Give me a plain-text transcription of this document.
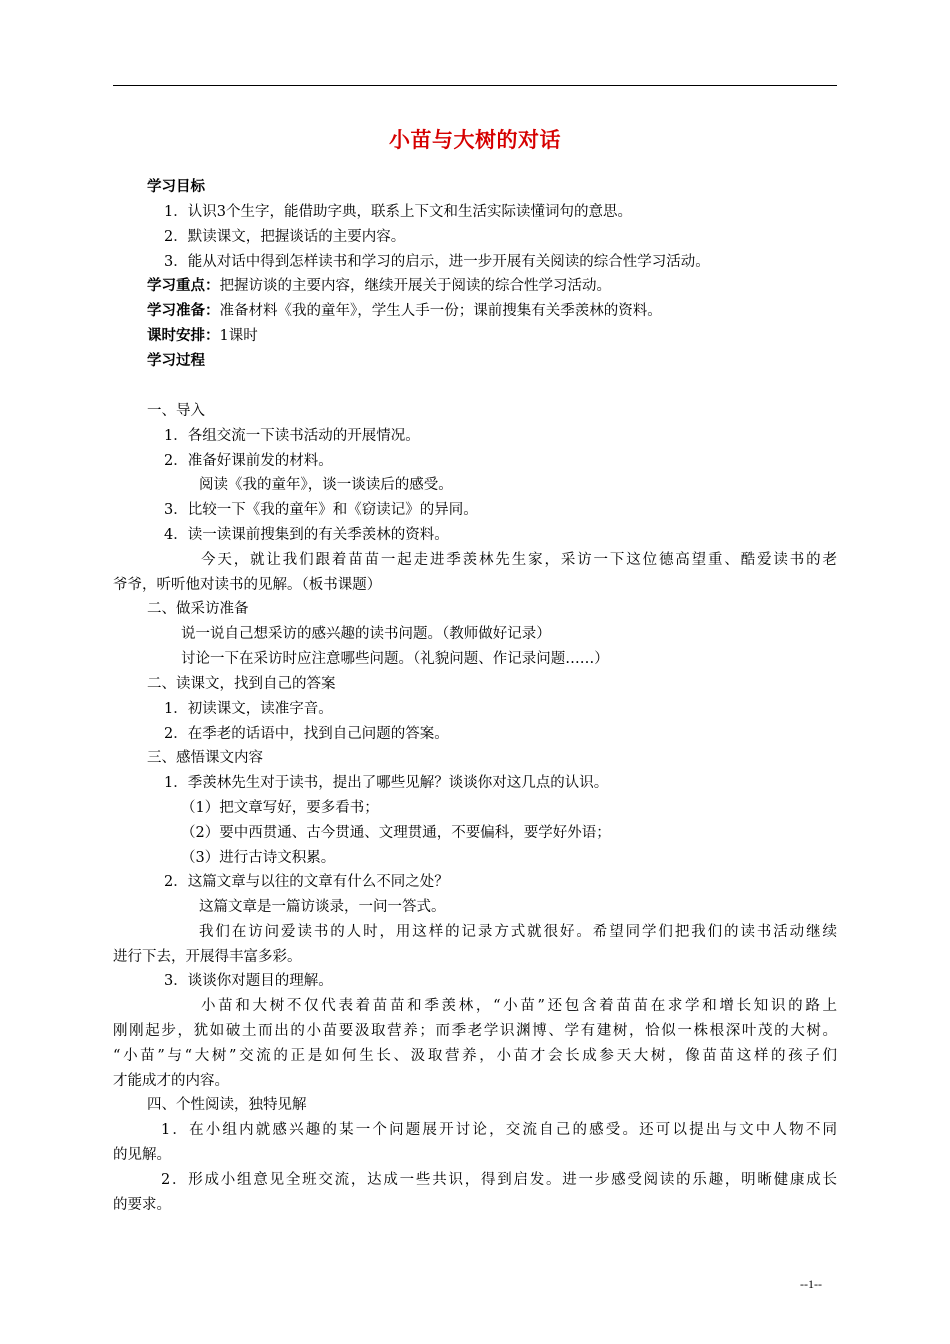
小苗与大树的对话
学习目标
1．认识3个生字，能借助字典，联系上下文和生活实际读懂词句的意思。
2．默读课文，把握谈话的主要内容。
3．能从对话中得到怎样读书和学习的启示，进一步开展有关阅读的综合性学习活动。
学习重点：把握访谈的主要内容，继续开展关于阅读的综合性学习活动。
学习准备：准备材料《我的童年》，学生人手一份；课前搜集有关季羡林的资料。
课时安排：1课时
学习过程
一、导入
1．各组交流一下读书活动的开展情况。
2．准备好课前发的材料。
阅读《我的童年》，谈一谈读后的感受。
3．比较一下《我的童年》和《窃读记》的异同。
4．读一读课前搜集到的有关季羡林的资料。
今天，就让我们跟着苗苗一起走进季羡林先生家，采访一下这位德高望重、酷爱读书的老
爷爷，听听他对读书的见解。（板书课题）
二、做采访准备
说一说自己想采访的感兴趣的读书问题。（教师做好记录）
讨论一下在采访时应注意哪些问题。（礼貌问题、作记录问题……）
二、读课文，找到自己的答案
1．初读课文，读准字音。
2．在季老的话语中，找到自己问题的答案。
三、感悟课文内容
1．季羡林先生对于读书，提出了哪些见解？谈谈你对这几点的认识。
（1）把文章写好，要多看书；
（2）要中西贯通、古今贯通、文理贯通，不要偏科，要学好外语；
（3）进行古诗文积累。
2．这篇文章与以往的文章有什么不同之处？
这篇文章是一篇访谈录，一问一答式。
我们在访问爱读书的人时，用这样的记录方式就很好。希望同学们把我们的读书活动继续
进行下去，开展得丰富多彩。
3．谈谈你对题目的理解。
小苗和大树不仅代表着苗苗和季羡林，“小苗”还包含着苗苗在求学和增长知识的路上
刚刚起步，犹如破土而出的小苗要汲取营养；而季老学识渊博、学有建树，恰似一株根深叶茂的大树。
“小苗”与“大树”交流的正是如何生长、汲取营养，小苗才会长成参天大树，像苗苗这样的孩子们
才能成才的内容。
四、个性阅读，独特见解
1．在小组内就感兴趣的某一个问题展开讨论，交流自己的感受。还可以提出与文中人物不同
的见解。
2．形成小组意见全班交流，达成一些共识，得到启发。进一步感受阅读的乐趣，明晰健康成长
的要求。
--1--
